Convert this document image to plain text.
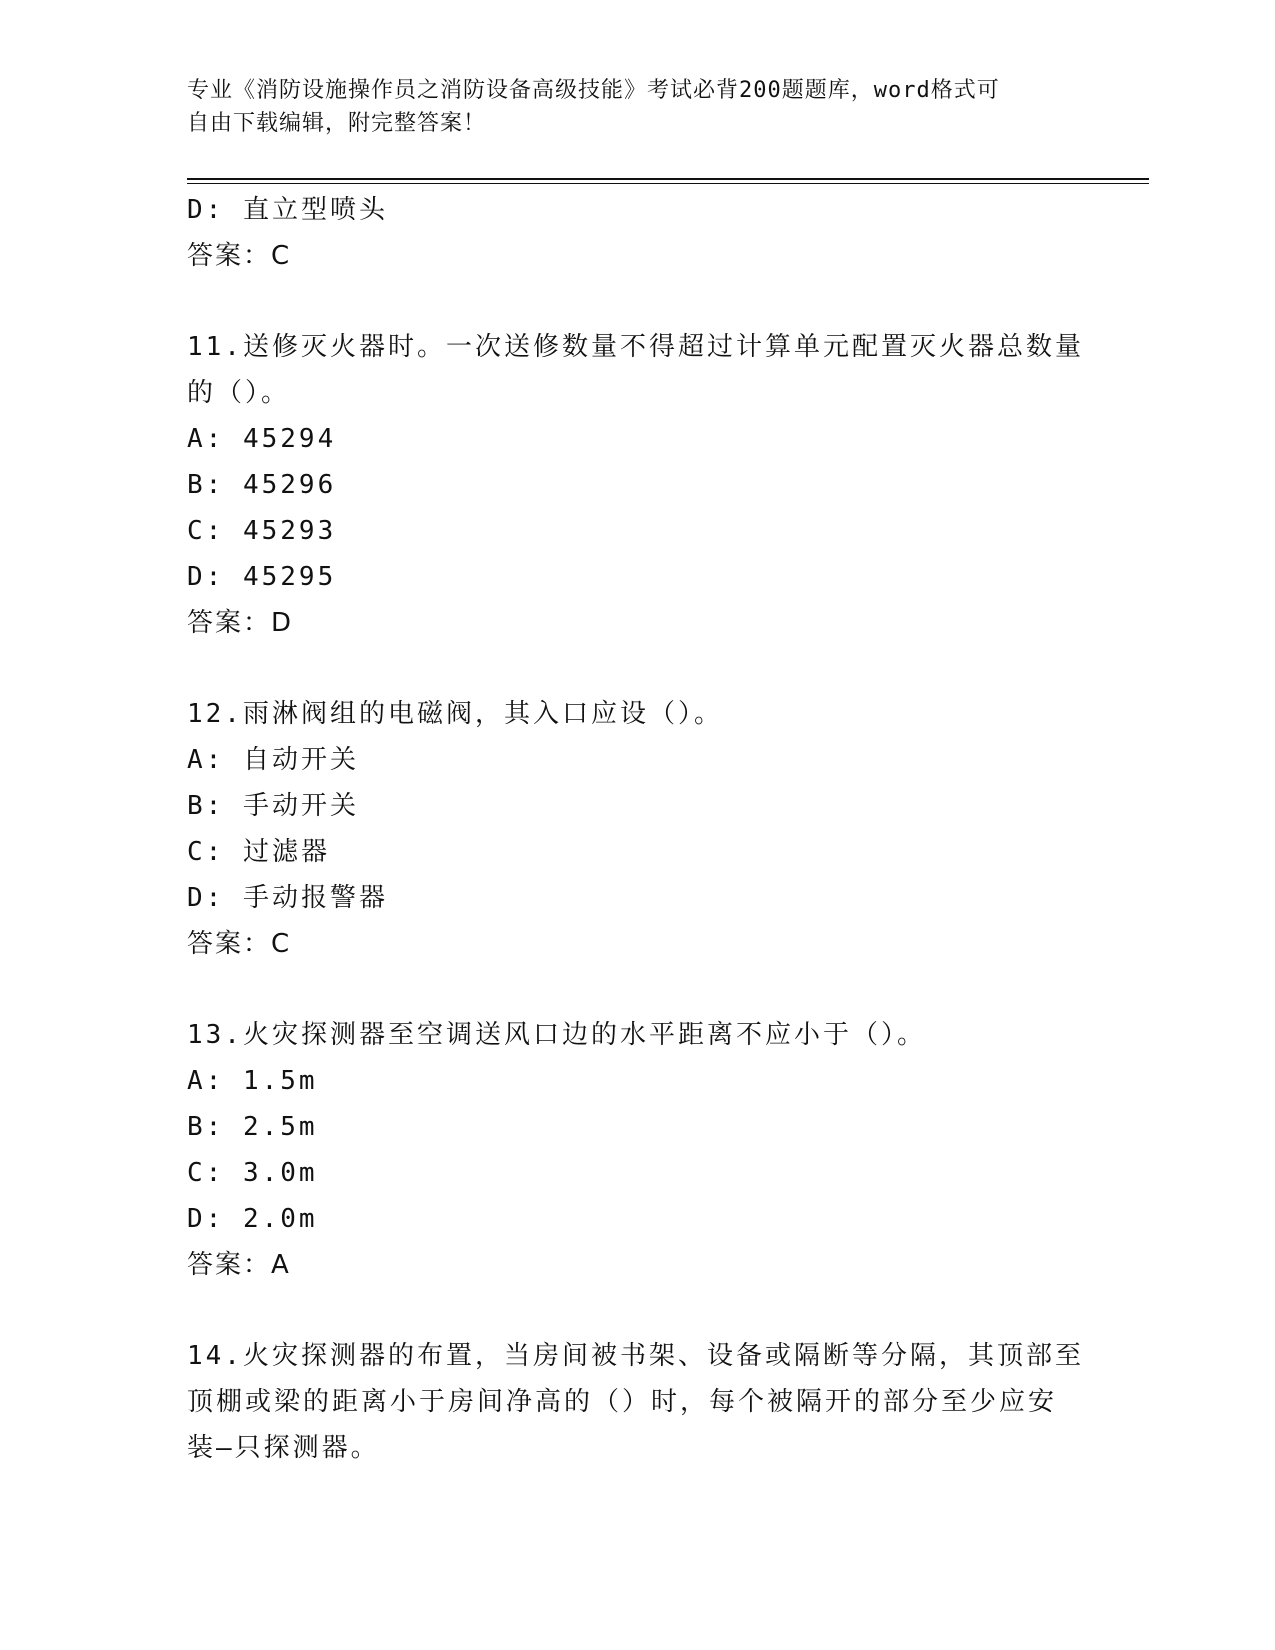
专业《消防设施操作员之消防设备高级技能》考试必背200题题库，word格式可
自由下载编辑，附完整答案！
D: 直立型喷头
答案：C
11.送修灭火器时。一次送修数量不得超过计算单元配置灭火器总数量
的（）。
A: 45294
B: 45296
C: 45293
D: 45295
答案：D
12.雨淋阀组的电磁阀，其入口应设（）。
A: 自动开关
B: 手动开关
C: 过滤器
D: 手动报警器
答案：C
13.火灾探测器至空调送风口边的水平距离不应小于（）。
A: 1.5m
B: 2.5m
C: 3.0m
D: 2.0m
答案：A
14.火灾探测器的布置，当房间被书架、设备或隔断等分隔，其顶部至
顶棚或梁的距离小于房间净高的（）时，每个被隔开的部分至少应安
装—只探测器。
